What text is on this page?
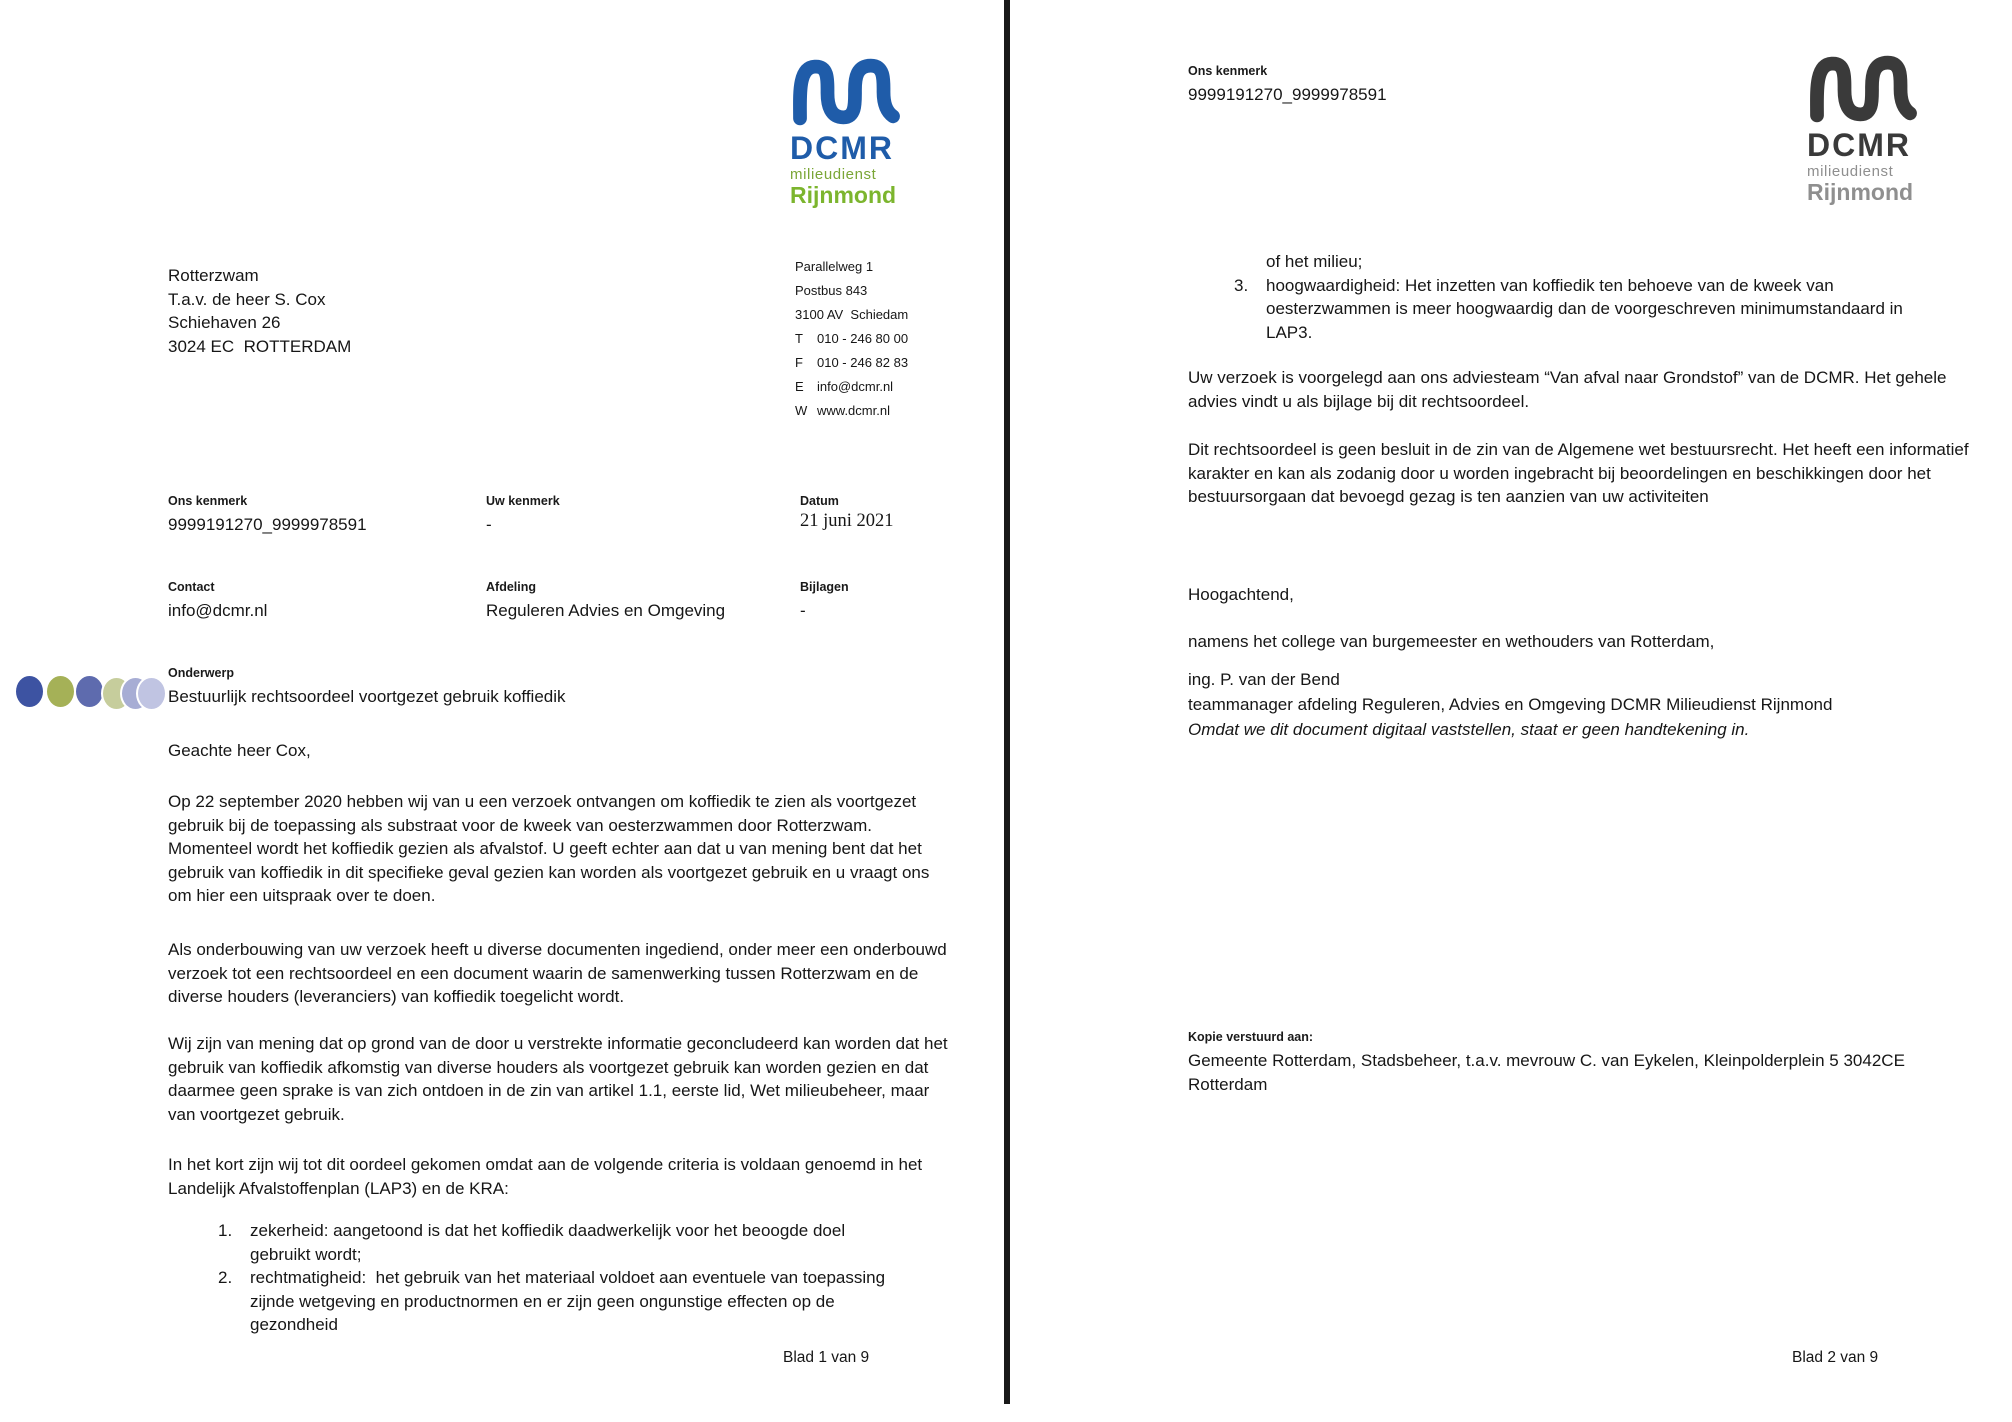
DCMR
milieudienst
Rijnmond
Rotterzwam
T.a.v. de heer S. Cox
Schiehaven 26
3024 EC  ROTTERDAM
Parallelweg 1
Postbus 843
3100 AV  Schiedam
T	010 - 246 80 00
F	010 - 246 82 83
E	info@dcmr.nl
W www.dcmr.nl
Ons kenmerk
9999191270_9999978591
Uw kenmerk
-
Datum
21 juni 2021
Contact
info@dcmr.nl
Afdeling
Reguleren Advies en Omgeving
Bijlagen
-
Onderwerp
Bestuurlijk rechtsoordeel voortgezet gebruik koffiedik
Geachte heer Cox,

Op 22 september 2020 hebben wij van u een verzoek ontvangen om koffiedik te zien als voortgezet gebruik bij de toepassing als substraat voor de kweek van oesterzwammen door Rotterzwam. Momenteel wordt het koffiedik gezien als afvalstof. U geeft echter aan dat u van mening bent dat het gebruik van koffiedik in dit specifieke geval gezien kan worden als voortgezet gebruik en u vraagt ons om hier een uitspraak over te doen.

Als onderbouwing van uw verzoek heeft u diverse documenten ingediend, onder meer een onderbouwd verzoek tot een rechtsoordeel en een document waarin de samenwerking tussen Rotterzwam en de diverse houders (leveranciers) van koffiedik toegelicht wordt.

Wij zijn van mening dat op grond van de door u verstrekte informatie geconcludeerd kan worden dat het gebruik van koffiedik afkomstig van diverse houders als voortgezet gebruik kan worden gezien en dat daarmee geen sprake is van zich ontdoen in de zin van artikel 1.1, eerste lid, Wet milieubeheer, maar van voortgezet gebruik.

In het kort zijn wij tot dit oordeel gekomen omdat aan de volgende criteria is voldaan genoemd in het Landelijk Afvalstoffenplan (LAP3) en de KRA:

1.	zekerheid: aangetoond is dat het koffiedik daadwerkelijk voor het beoogde doel gebruikt wordt;
2.	rechtmatigheid:  het gebruik van het materiaal voldoet aan eventuele van toepassing zijnde wetgeving en productnormen en er zijn geen ongunstige effecten op de gezondheid
Blad 1 van 9
Ons kenmerk
9999191270_9999978591
DCMR
milieudienst
Rijnmond
of het milieu;
3.	hoogwaardigheid: Het inzetten van koffiedik ten behoeve van de kweek van oesterzwammen is meer hoogwaardig dan de voorgeschreven minimumstandaard in LAP3.

Uw verzoek is voorgelegd aan ons adviesteam “Van afval naar Grondstof” van de DCMR. Het gehele advies vindt u als bijlage bij dit rechtsoordeel.

Dit rechtsoordeel is geen besluit in de zin van de Algemene wet bestuursrecht. Het heeft een informatief karakter en kan als zodanig door u worden ingebracht bij beoordelingen en beschikkingen door het bestuursorgaan dat bevoegd gezag is ten aanzien van uw activiteiten

Hoogachtend,
namens het college van burgemeester en wethouders van Rotterdam,
ing. P. van der Bend
teammanager afdeling Reguleren, Advies en Omgeving DCMR Milieudienst Rijnmond
Omdat we dit document digitaal vaststellen, staat er geen handtekening in.
Kopie verstuurd aan:
Gemeente Rotterdam, Stadsbeheer, t.a.v. mevrouw C. van Eykelen, Kleinpolderplein 5 3042CE Rotterdam
Blad 2 van 9
